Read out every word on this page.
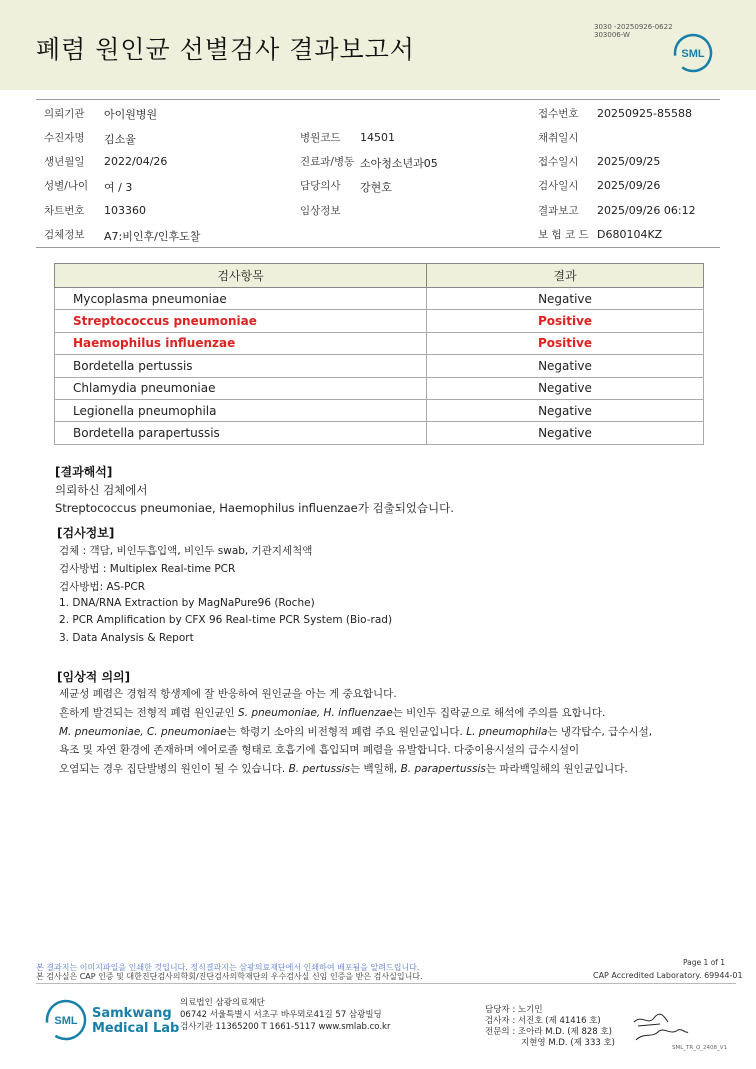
폐렴 원인균 선별검사 결과보고서
3030 -20250926-0622
303006-W
SML
의뢰기관 아이원병원	접수번호 20250925-85588
수진자명 김소율	병원코드 14501	채취일시
생년월일 2022/04/26	진료과/병동 소아청소년과05	접수일시 2025/09/25
성별/나이 여 / 3	담당의사 강현호	검사일시 2025/09/26
차트번호 103360	임상정보	결과보고 2025/09/26 06:12
검체정보 A7:비인후/인후도찰	보 험 코 드 D680104KZ
검사항목	결과
Mycoplasma pneumoniae	Negative
Streptococcus pneumoniae	Positive
Haemophilus influenzae	Positive
Bordetella pertussis	Negative
Chlamydia pneumoniae	Negative
Legionella pneumophila	Negative
Bordetella parapertussis	Negative
[결과해석]
의뢰하신 검체에서
Streptococcus pneumoniae, Haemophilus influenzae가 검출되었습니다.
[검사정보]
검체 : 객담, 비인두흡입액, 비인두 swab, 기관지세척액
검사방법 : Multiplex Real-time PCR
검사방법: AS-PCR
1. DNA/RNA Extraction by MagNaPure96 (Roche)
2. PCR Amplification by CFX 96 Real-time PCR System (Bio-rad)
3. Data Analysis & Report
[임상적 의의]
세균성 폐렴은 경험적 항생제에 잘 반응하여 원인균을 아는 게 중요합니다.
흔하게 발견되는 전형적 폐렴 원인균인 S. pneumoniae, H. influenzae는 비인두 집락균으로 해석에 주의를 요합니다.
M. pneumoniae, C. pneumoniae는 학령기 소아의 비전형적 폐렴 주요 원인균입니다. L. pneumophila는 냉각탑수, 급수시설,
욕조 및 자연 환경에 존재하며 에어로졸 형태로 호흡기에 흡입되며 폐렴을 유발합니다. 다중이용시설의 급수시설이
오염되는 경우 집단발병의 원인이 될 수 있습니다. B. pertussis는 백일해, B. parapertussis는 파라백일해의 원인균입니다.
본 결과지는 이미지파일을 인쇄한 것입니다. 정식결과지는 삼광의료재단에서 인쇄하여 배포됨을 알려드립니다.
본 검사실은 CAP 인증 및 대한진단검사의학회/진단검사의학재단의 우수검사실 신임 인증을 받은 검사실입니다.
Page 1 of 1
CAP Accredited Laboratory. 69944-01
SML Samkwang
Medical Lab
의료법인 삼광의료재단
06742 서울특별시 서초구 바우뫼로41길 57 삼광빌딩
검사기관 11365200 T 1661-5117 www.smlab.co.kr
담당자 : 노기민
검사자 : 서진호 (제 41416 호)
전문의 : 조아라 M.D. (제 828 호)
지현영 M.D. (제 333 호)	SML_TR_Q_2408_V1
